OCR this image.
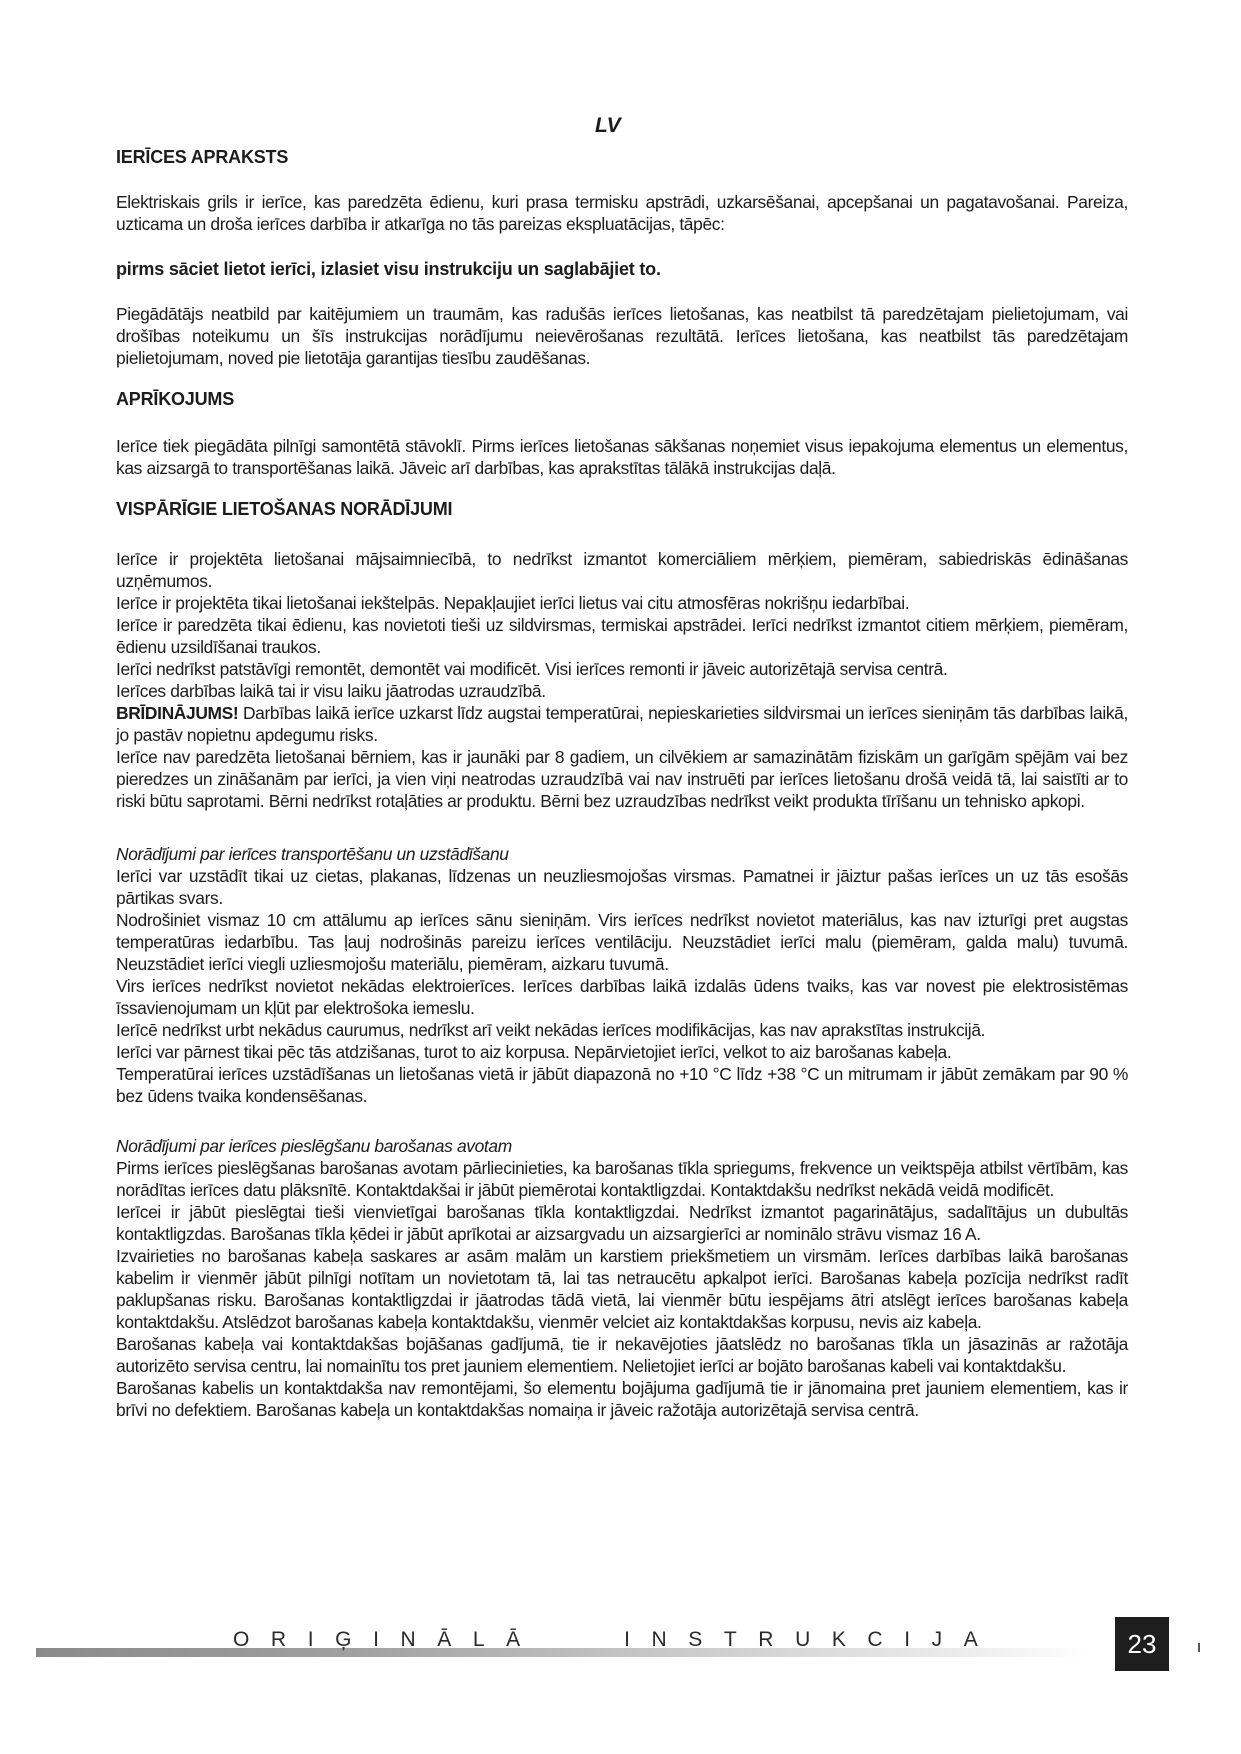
LV
IERĪCES APRAKSTS

Elektriskais grils ir ierīce, kas paredzēta ēdienu, kuri prasa termisku apstrādi, uzkarsēšanai, apcepšanai un pagatavošanai. Pareiza, uzticama un droša ierīces darbība ir atkarīga no tās pareizas ekspluatācijas, tāpēc:

pirms sāciet lietot ierīci, izlasiet visu instrukciju un saglabājiet to.

Piegādātājs neatbild par kaitējumiem un traumām, kas radušās ierīces lietošanas, kas neatbilst tā paredzētajam pielietojumam, vai drošības noteikumu un šīs instrukcijas norādījumu neievērošanas rezultātā. Ierīces lietošana, kas neatbilst tās paredzētajam pielietojumam, noved pie lietotāja garantijas tiesību zaudēšanas.

APRĪKOJUMS

Ierīce tiek piegādāta pilnīgi samontētā stāvoklī. Pirms ierīces lietošanas sākšanas noņemiet visus iepakojuma elementus un elementus, kas aizsargā to transportēšanas laikā. Jāveic arī darbības, kas aprakstītas tālākā instrukcijas daļā.

VISPĀRĪGIE LIETOŠANAS NORĀDĪJUMI

Ierīce ir projektēta lietošanai mājsaimniecībā, to nedrīkst izmantot komerciāliem mērķiem, piemēram, sabiedriskās ēdināšanas uzņēmumos.

Ierīce ir projektēta tikai lietošanai iekštelpās. Nepakļaujiet ierīci lietus vai citu atmosfēras nokrišņu iedarbībai.

Ierīce ir paredzēta tikai ēdienu, kas novietoti tieši uz sildvirsmas, termiskai apstrādei. Ierīci nedrīkst izmantot citiem mērķiem, piemēram, ēdienu uzsildīšanai traukos.

Ierīci nedrīkst patstāvīgi remontēt, demontēt vai modificēt. Visi ierīces remonti ir jāveic autorizētajā servisa centrā.

Ierīces darbības laikā tai ir visu laiku jāatrodas uzraudzībā.

BRĪDINĀJUMS! Darbības laikā ierīce uzkarst līdz augstai temperatūrai, nepieskarieties sildvirsmai un ierīces sieniņām tās darbības laikā, jo pastāv nopietnu apdegumu risks.

Ierīce nav paredzēta lietošanai bērniem, kas ir jaunāki par 8 gadiem, un cilvēkiem ar samazinātām fiziskām un garīgām spējām vai bez pieredzes un zināšanām par ierīci, ja vien viņi neatrodas uzraudzībā vai nav instruēti par ierīces lietošanu drošā veidā tā, lai saistīti ar to riski būtu saprotami. Bērni nedrīkst rotaļāties ar produktu. Bērni bez uzraudzības nedrīkst veikt produkta tīrīšanu un tehnisko apkopi.

Norādījumi par ierīces transportēšanu un uzstādīšanu

Ierīci var uzstādīt tikai uz cietas, plakanas, līdzenas un neuzliesmojošas virsmas. Pamatnei ir jāiztur pašas ierīces un uz tās esošās pārtikas svars.

Nodrošiniet vismaz 10 cm attālumu ap ierīces sānu sieniņām. Virs ierīces nedrīkst novietot materiālus, kas nav izturīgi pret augstas temperatūras iedarbību. Tas ļauj nodrošinās pareizu ierīces ventilāciju. Neuzstādiet ierīci malu (piemēram, galda malu) tuvumā. Neuzstādiet ierīci viegli uzliesmojošu materiālu, piemēram, aizkaru tuvumā.

Virs ierīces nedrīkst novietot nekādas elektroierīces. Ierīces darbības laikā izdalās ūdens tvaiks, kas var novest pie elektrosistēmas īssavienojumam un kļūt par elektrošoka iemeslu.

Ierīcē nedrīkst urbt nekādus caurumus, nedrīkst arī veikt nekādas ierīces modifikācijas, kas nav aprakstītas instrukcijā.

Ierīci var pārnest tikai pēc tās atdzišanas, turot to aiz korpusa. Nepārvietojiet ierīci, velkot to aiz barošanas kabeļa.

Temperatūrai ierīces uzstādīšanas un lietošanas vietā ir jābūt diapazonā no +10 °C līdz +38 °C un mitrumam ir jābūt zemākam par 90 % bez ūdens tvaika kondensēšanas.

Norādījumi par ierīces pieslēgšanu barošanas avotam

Pirms ierīces pieslēgšanas barošanas avotam pārliecinieties, ka barošanas tīkla spriegums, frekvence un veiktspēja atbilst vērtībām, kas norādītas ierīces datu plāksnītē. Kontaktdakšai ir jābūt piemērotai kontaktligzdai. Kontaktdakšu nedrīkst nekādā veidā modificēt.

Ierīcei ir jābūt pieslēgtai tieši vienvietīgai barošanas tīkla kontaktligzdai. Nedrīkst izmantot pagarinātājus, sadalītājus un dubultās kontaktligzdas. Barošanas tīkla ķēdei ir jābūt aprīkotai ar aizsargvadu un aizsargierīci ar nominālo strāvu vismaz 16 A.

Izvairieties no barošanas kabeļa saskares ar asām malām un karstiem priekšmetiem un virsmām. Ierīces darbības laikā barošanas kabelim ir vienmēr jābūt pilnīgi notītam un novietotam tā, lai tas netraucētu apkalpot ierīci. Barošanas kabeļa pozīcija nedrīkst radīt paklupšanas risku. Barošanas kontaktligzdai ir jāatrodas tādā vietā, lai vienmēr būtu iespējams ātri atslēgt ierīces barošanas kabeļa kontaktdakšu. Atslēdzot barošanas kabeļa kontaktdakšu, vienmēr velciet aiz kontaktdakšas korpusu, nevis aiz kabeļa.

Barošanas kabeļa vai kontaktdakšas bojāšanas gadījumā, tie ir nekavējoties jāatslēdz no barošanas tīkla un jāsazinās ar ražotāja autorizēto servisa centru, lai nomainītu tos pret jauniem elementiem. Nelietojiet ierīci ar bojāto barošanas kabeli vai kontaktdakšu.

Barošanas kabelis un kontaktdakša nav remontējami, šo elementu bojājuma gadījumā tie ir jānomaina pret jauniem elementiem, kas ir brīvi no defektiem. Barošanas kabeļa un kontaktdakšas nomaiņa ir jāveic ražotāja autorizētajā servisa centrā.

ORIĢINĀLĀ   INSTRUKCIJA	23
